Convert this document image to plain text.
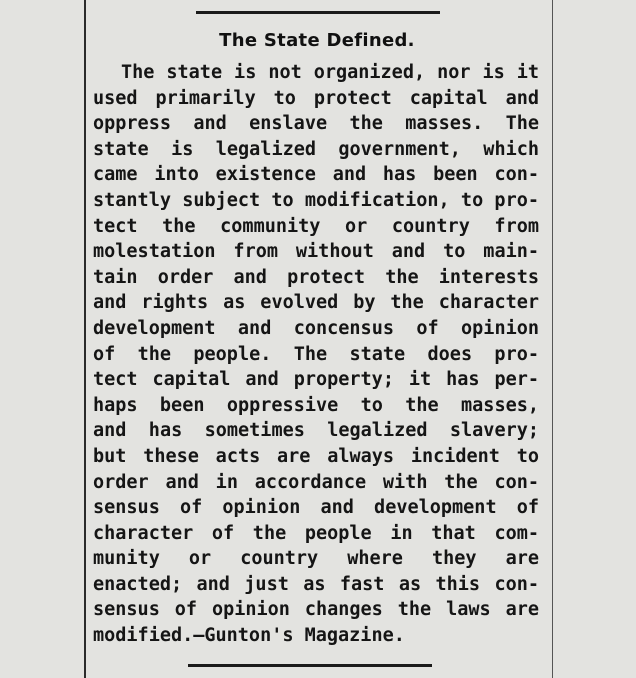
The State Defined.
The state is not organized, nor is it
used primarily to protect capital and
oppress and enslave the masses. The
state is legalized government, which
came into existence and has been con-
stantly subject to modification, to pro-
tect the community or country from
molestation from without and to main-
tain order and protect the interests
and rights as evolved by the character
development and concensus of opinion
of the people. The state does pro-
tect capital and property; it has per-
haps been oppressive to the masses,
and has sometimes legalized slavery;
but these acts are always incident to
order and in accordance with the con-
sensus of opinion and development of
character of the people in that com-
munity or country where they are
enacted; and just as fast as this con-
sensus of opinion changes the laws are
modified.—Gunton's Magazine.
